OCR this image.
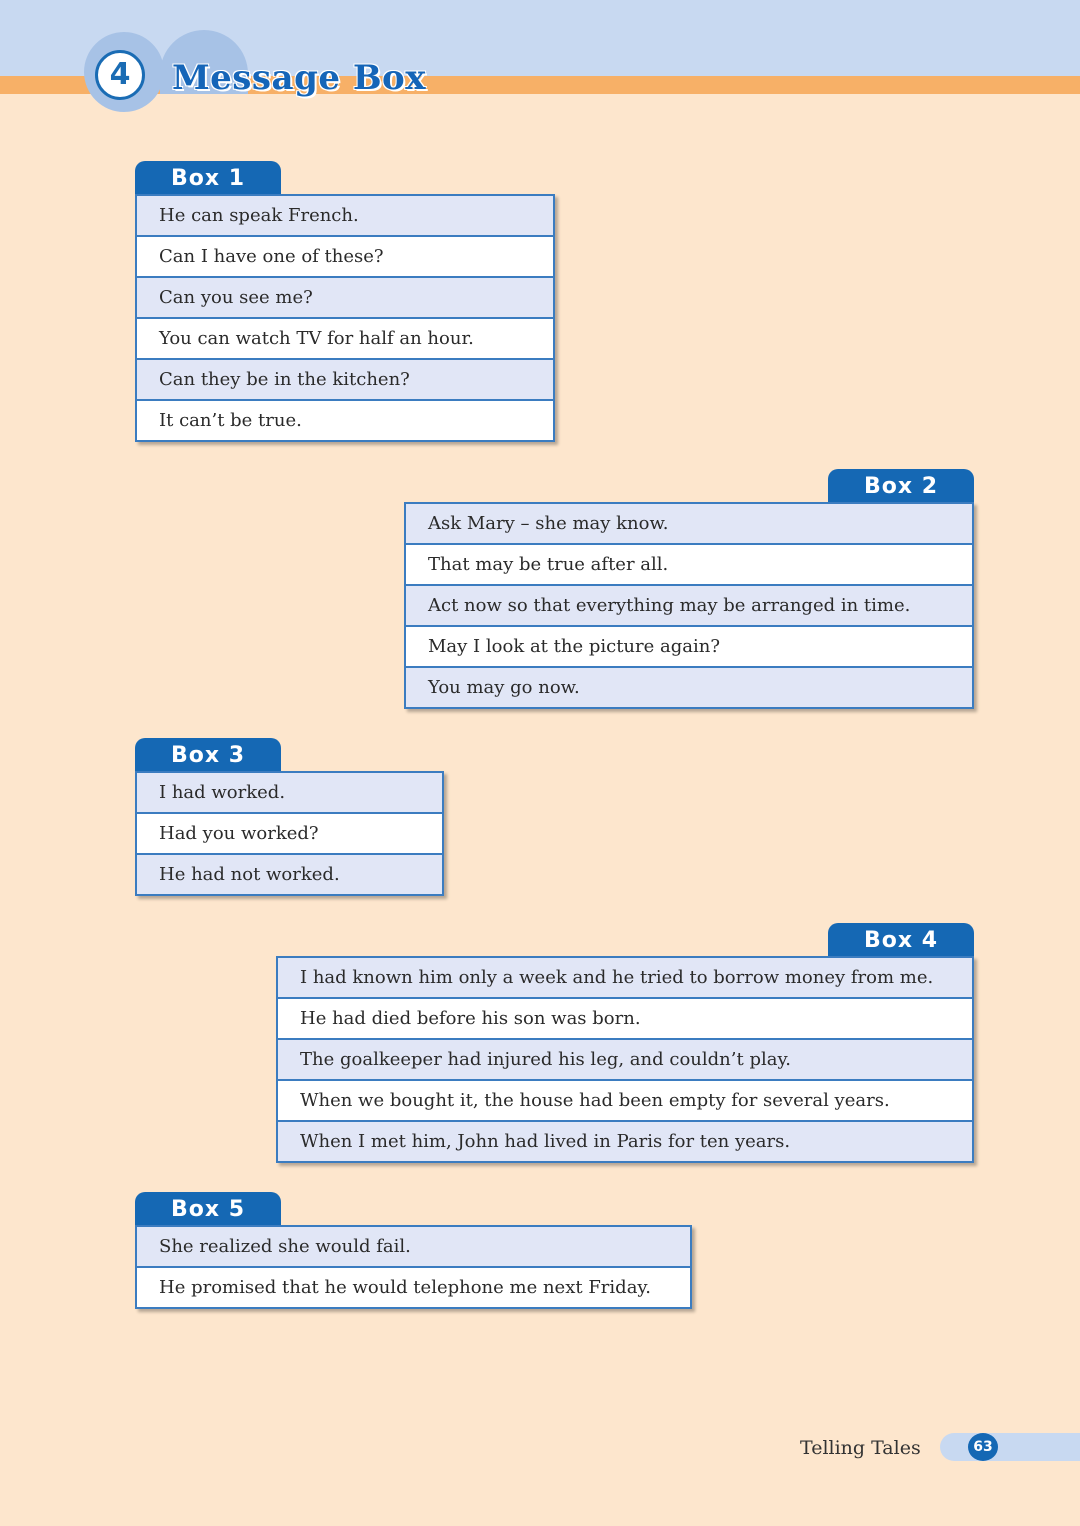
4	Message Box
Box 1
He can speak French.
Can I have one of these?
Can you see me?
You can watch TV for half an hour.
Can they be in the kitchen?
It can’t be true.
Box 2
Ask Mary – she may know.
That may be true after all.
Act now so that everything may be arranged in time.
May I look at the picture again?
You may go now.
Box 3
I had worked.
Had you worked?
He had not worked.
Box 4
I had known him only a week and he tried to borrow money from me.
He had died before his son was born.
The goalkeeper had injured his leg, and couldn’t play.
When we bought it, the house had been empty for several years.
When I met him, John had lived in Paris for ten years.
Box 5
She realized she would fail.
He promised that he would telephone me next Friday.
Telling Tales	63
